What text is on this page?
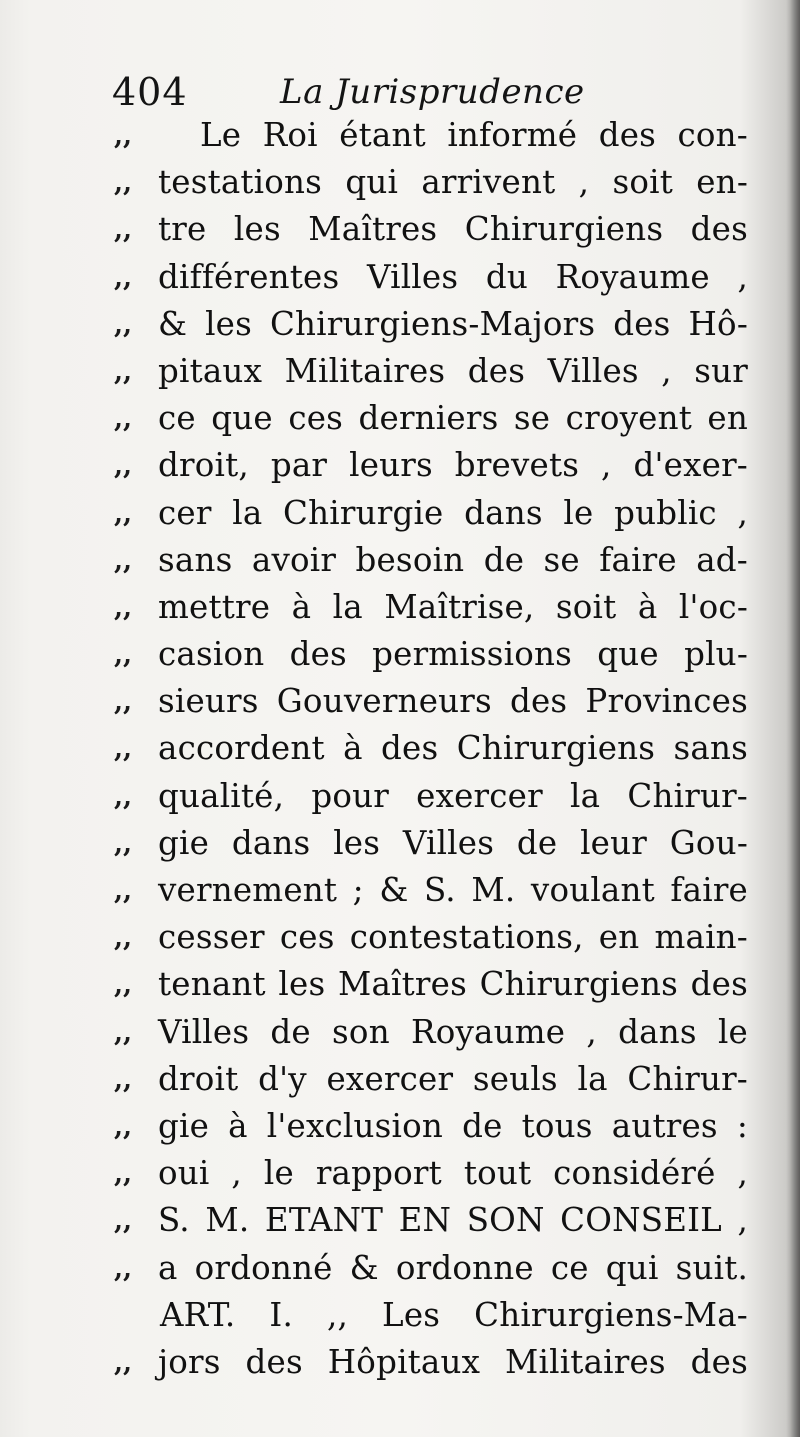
404	La Jurisprudence
,, Le Roi étant informé des con-
,, testations qui arrivent , soit en-
,, tre les Maîtres Chirurgiens des
,, différentes Villes du Royaume ,
,, & les Chirurgiens-Majors des Hô-
,, pitaux Militaires des Villes , sur
,, ce que ces derniers se croyent en
,, droit, par leurs brevets , d'exer-
,, cer la Chirurgie dans le public ,
,, sans avoir besoin de se faire ad-
,, mettre à la Maîtrise, soit à l'oc-
,, casion des permissions que plu-
,, sieurs Gouverneurs des Provinces
,, accordent à des Chirurgiens sans
,, qualité, pour exercer la Chirur-
,, gie dans les Villes de leur Gou-
,, vernement ; & S. M. voulant faire
,, cesser ces contestations, en main-
,, tenant les Maîtres Chirurgiens des
,, Villes de son Royaume , dans le
,, droit d'y exercer seuls la Chirur-
,, gie à l'exclusion de tous autres :
,, oui , le rapport tout considéré ,
,, S. M. ETANT EN SON CONSEIL ,
,, a ordonné & ordonne ce qui suit.
ART. I. ,, Les Chirurgiens-Ma-
,, jors des Hôpitaux Militaires des
